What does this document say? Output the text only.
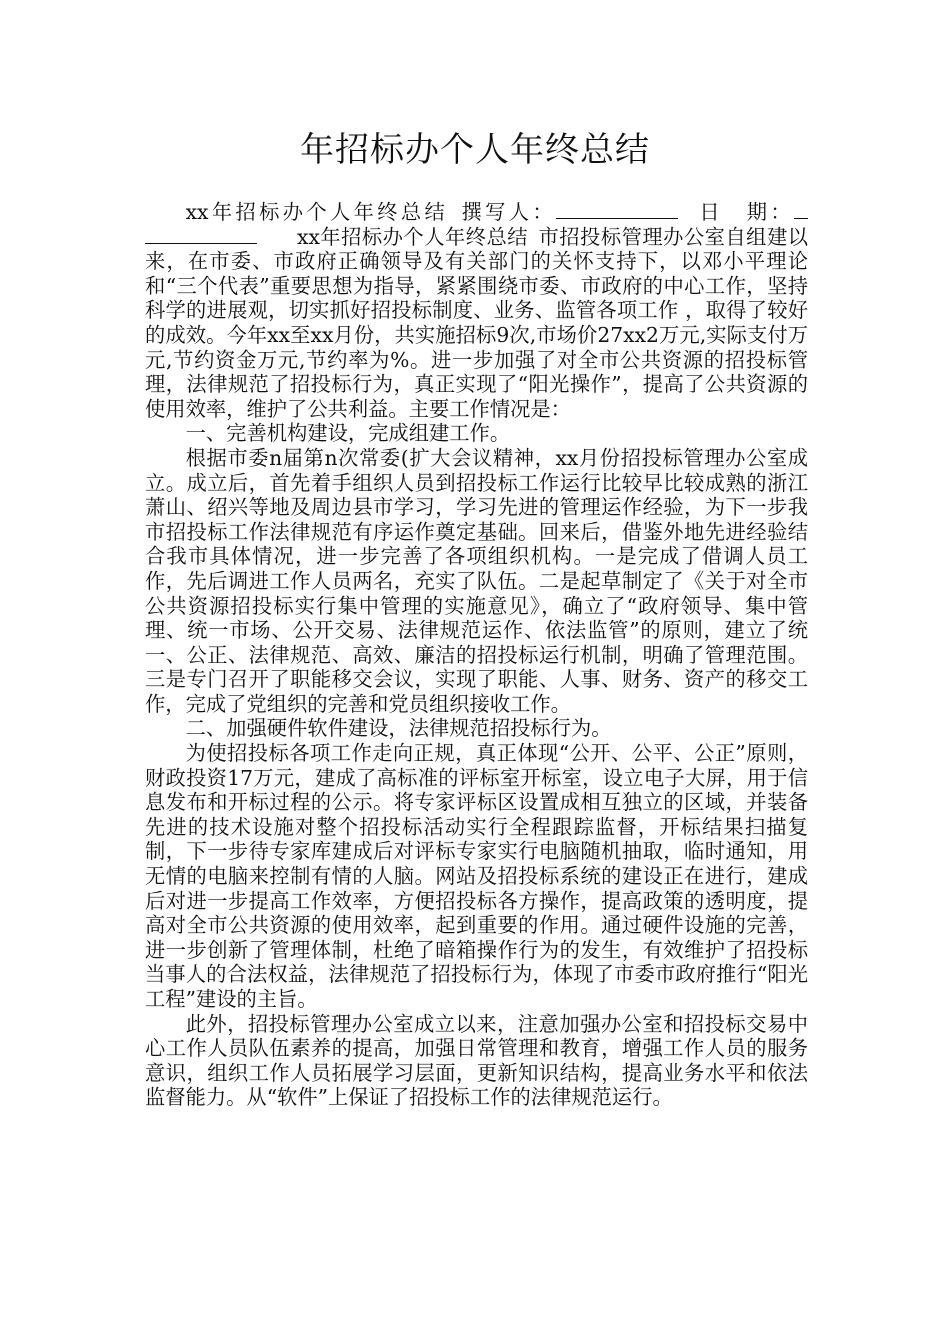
年招标办个人年终总结

xx年招标办个人年终总结 撰写人：	日　期： xx年招标办个人年终总结 市招投标管理办公室自组建以来，在市委、市政府正确领导及有关部门的关怀支持下，以邓小平理论和“三个代表”重要思想为指导，紧紧围绕市委、市政府的中心工作，坚持科学的进展观，切实抓好招投标制度、业务、监管各项工作 ，取得了较好的成效。今年xx至xx月份，共实施招标9次,市场价27xx2万元,实际支付万元,节约资金万元,节约率为%。进一步加强了对全市公共资源的招投标管理，法律规范了招投标行为，真正实现了“阳光操作”，提高了公共资源的使用效率，维护了公共利益。主要工作情况是：

一、完善机构建设，完成组建工作。

根据市委n届第n次常委(扩大会议精神，xx月份招投标管理办公室成立。成立后，首先着手组织人员到招投标工作运行比较早比较成熟的浙江萧山、绍兴等地及周边县市学习，学习先进的管理运作经验，为下一步我市招投标工作法律规范有序运作奠定基础。回来后，借鉴外地先进经验结合我市具体情况，进一步完善了各项组织机构。一是完成了借调人员工作，先后调进工作人员两名，充实了队伍。二是起草制定了《关于对全市公共资源招投标实行集中管理的实施意见》，确立了“政府领导、集中管理、统一市场、公开交易、法律规范运作、依法监管”的原则，建立了统一、公正、法律规范、高效、廉洁的招投标运行机制，明确了管理范围。三是专门召开了职能移交会议，实现了职能、人事、财务、资产的移交工作，完成了党组织的完善和党员组织接收工作。

二、加强硬件软件建设，法律规范招投标行为。

为使招投标各项工作走向正规，真正体现“公开、公平、公正”原则，财政投资17万元，建成了高标准的评标室开标室，设立电子大屏，用于信息发布和开标过程的公示。将专家评标区设置成相互独立的区域，并装备先进的技术设施对整个招投标活动实行全程跟踪监督，开标结果扫描复制，下一步待专家库建成后对评标专家实行电脑随机抽取，临时通知，用无情的电脑来控制有情的人脑。网站及招投标系统的建设正在进行，建成后对进一步提高工作效率，方便招投标各方操作，提高政策的透明度，提高对全市公共资源的使用效率，起到重要的作用。通过硬件设施的完善，进一步创新了管理体制，杜绝了暗箱操作行为的发生，有效维护了招投标当事人的合法权益，法律规范了招投标行为，体现了市委市政府推行“阳光工程”建设的主旨。

此外，招投标管理办公室成立以来，注意加强办公室和招投标交易中心工作人员队伍素养的提高，加强日常管理和教育，增强工作人员的服务意识，组织工作人员拓展学习层面，更新知识结构，提高业务水平和依法监督能力。从“软件”上保证了招投标工作的法律规范运行。
